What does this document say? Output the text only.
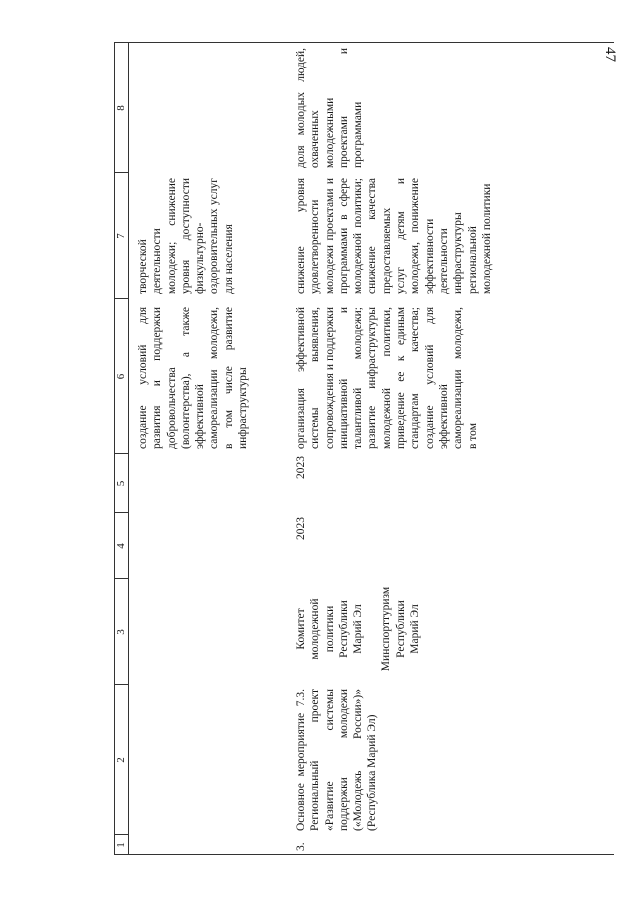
47
1
2
3
4
5
6
7
8
создание условий для развития и поддержки добровольчества (волонтерства), а также эффективной самореализации молодежи, в том числе развитие инфраструктуры
творческой деятельности молодежи; снижение уровня доступности физкультурно-оздоровительных услуг для населения
3.
Основное мероприятие 7.3. Региональный проект «Развитие системы поддержки молодежи («Молодежь России»)» (Республика Марий Эл)
Комитет молодежной политики Республики Марий Эл Минспорттуризм Республики Марий Эл
2023
2023
организация эффективной системы выявления, сопровождения и поддержки инициативной и талантливой молодежи; развитие инфраструктуры молодежной политики, приведение ее к единым стандартам качества; создание условий для эффективной самореализации молодежи, в том
снижение уровня удовлетворенности молодежи проектами и программами в сфере молодежной политики; снижение качества предоставляемых услуг детям и молодежи, понижение эффективности деятельности инфраструктуры региональной молодежной политики
доля молодых людей, охваченных молодежными проектами и программами
